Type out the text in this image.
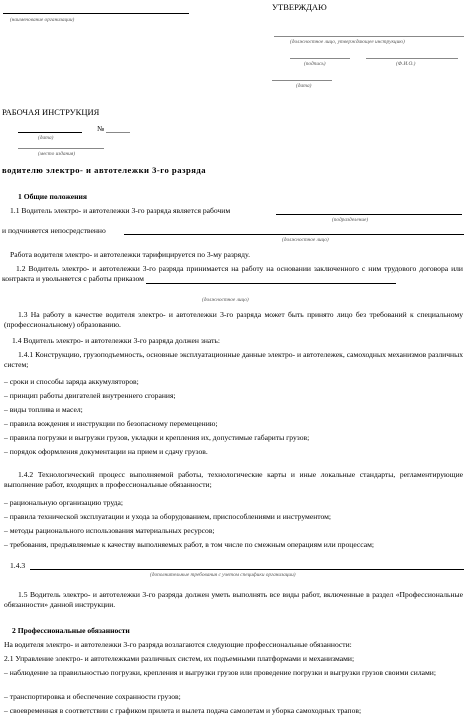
(наименование организации)
УТВЕРЖДАЮ
(должностное лицо, утверждающее инструкцию)
(подпись)	(Ф.И.О.)
(дата)
РАБОЧАЯ ИНСТРУКЦИЯ
№
(дата)
(место издания)
водителю электро- и автотележки 3-го разряда
1 Общие положения
1.1 Водитель электро- и автотележки 3-го разряда является рабочим
(подразделение)
и подчиняется непосредственно
(должностное лицо)
Работа водителя электро- и автотележки тарифицируется по 3-му разряду.
1.2 Водитель электро- и автотележки 3-го разряда принимается на работу на основании заключенного с ним трудового договора или контракта и увольняется с работы приказом
(должностное лицо)
1.3 На работу в качестве водителя электро- и автотележки 3-го разряда может быть принято лицо без требований к специальному (профессиональному) образованию.
1.4 Водитель электро- и автотележки 3-го разряда должен знать:
1.4.1 Конструкцию, грузоподъемность, основные эксплуатационные данные электро- и автотележек, самоходных механизмов различных систем;
– сроки и способы заряда аккумуляторов;
– принцип работы двигателей внутреннего сгорания;
– виды топлива и масел;
– правила вождения и инструкции по безопасному перемещению;
– правила погрузки и выгрузки грузов, укладки и крепления их, допустимые габариты грузов;
– порядок оформления документации на прием и сдачу грузов.
1.4.2 Технологический процесс выполняемой работы, технологические карты и иные локальные стандарты, регламентирующие выполнение работ, входящих в профессиональные обязанности;
– рациональную организацию труда;
– правила технической эксплуатации и ухода за оборудованием, приспособлениями и инструментом;
– методы рационального использования материальных ресурсов;
– требования, предъявляемые к качеству выполняемых работ, в том числе по смежным операциям или процессам;
1.4.3
(дополнительные требования с учетом специфики организации)
1.5 Водитель электро- и автотележки 3-го разряда должен уметь выполнять все виды работ, включенные в раздел «Профессиональные обязанности» данной инструкции.
2 Профессиональные обязанности
На водителя электро- и автотележки 3-го разряда возлагаются следующие профессиональные обязанности:
2.1 Управление электро- и автотележками различных систем, их подъемными платформами и механизмами;
– наблюдение за правильностью погрузки, крепления и выгрузки грузов или проведение погрузки и выгрузки грузов своими силами;
– транспортировка и обеспечение сохранности грузов;
– своевременная в соответствии с графиком прилета и вылета подача самолетам и уборка самоходных трапов;
